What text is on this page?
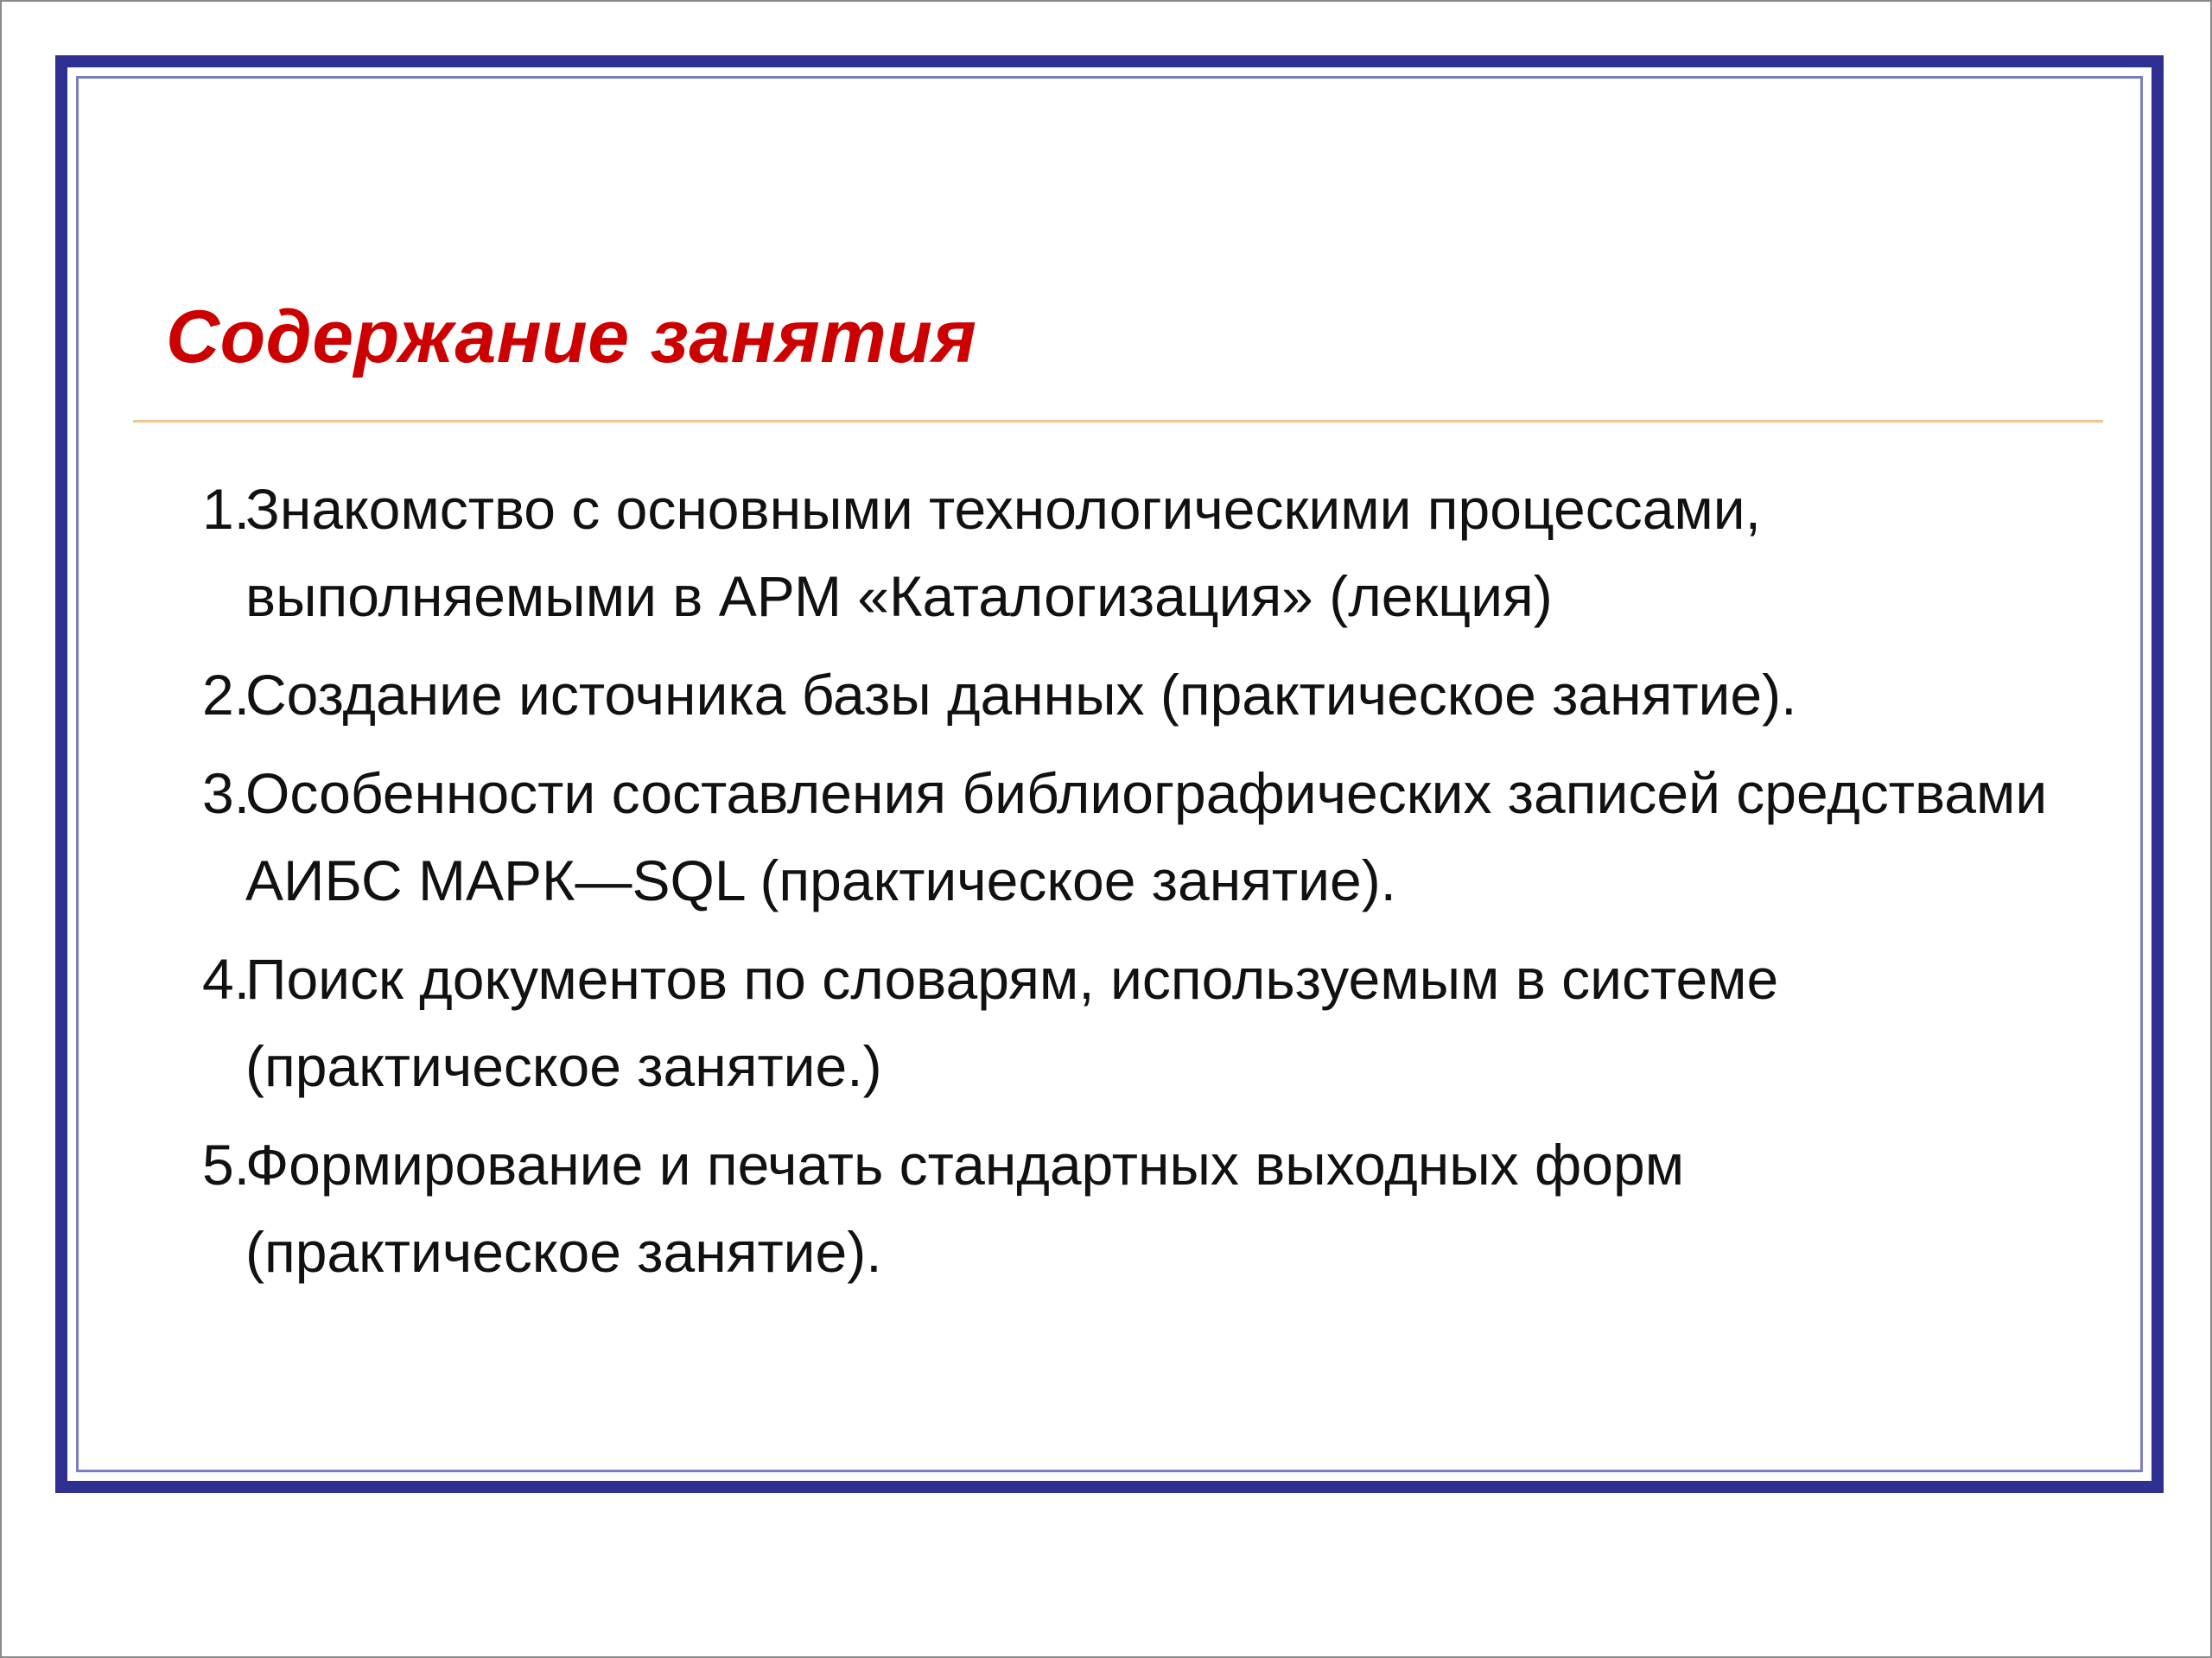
Содержание занятия
1.
Знакомство с основными технологическими процессами, выполняемыми в АРМ «Каталогизация» (лекция)
2.
Создание источника базы данных (практическое занятие).
3.
Особенности составления библиографических записей средствами АИБС МАРК—SQL (практическое занятие).
4.
Поиск документов по словарям, используемым в системе (практическое занятие.)
5.
Формирование и печать стандартных выходных форм (практическое занятие).
